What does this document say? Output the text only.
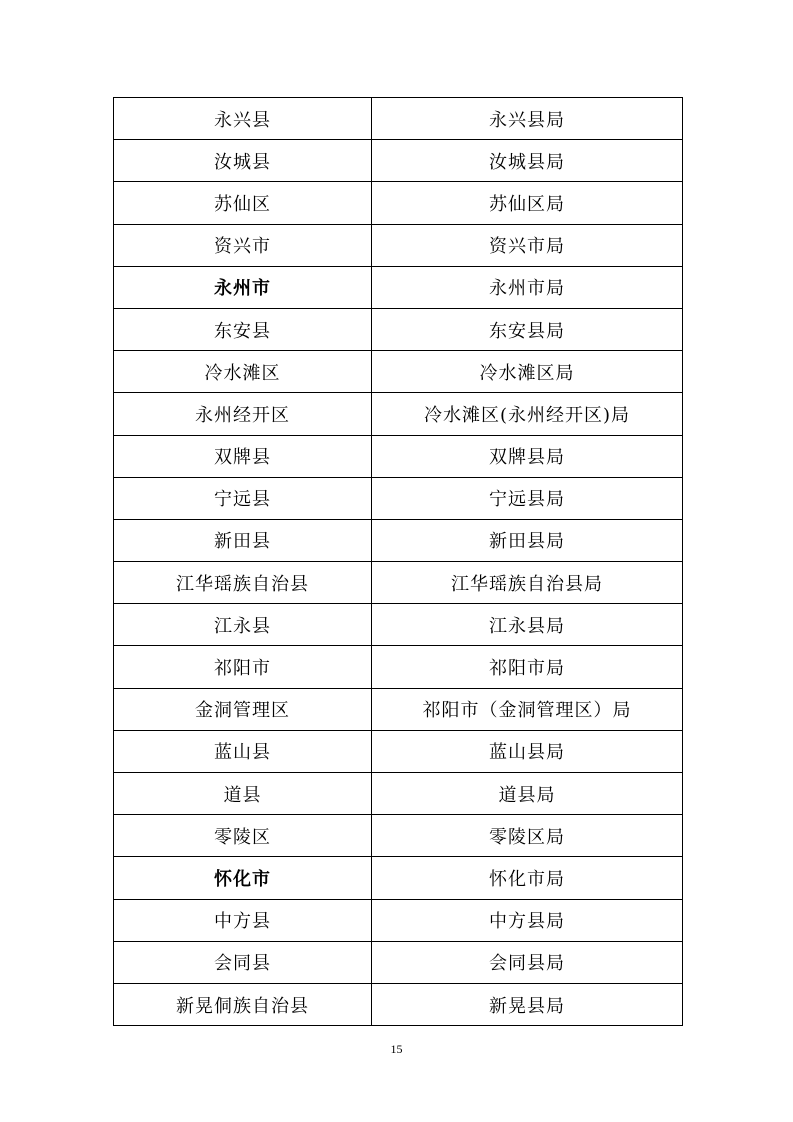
永兴县	永兴县局
汝城县	汝城县局
苏仙区	苏仙区局
资兴市	资兴市局
永州市	永州市局
东安县	东安县局
冷水滩区	冷水滩区局
永州经开区	冷水滩区(永州经开区)局
双牌县	双牌县局
宁远县	宁远县局
新田县	新田县局
江华瑶族自治县	江华瑶族自治县局
江永县	江永县局
祁阳市	祁阳市局
金洞管理区	祁阳市（金洞管理区）局
蓝山县	蓝山县局
道县	道县局
零陵区	零陵区局
怀化市	怀化市局
中方县	中方县局
会同县	会同县局
新晃侗族自治县	新晃县局
15
